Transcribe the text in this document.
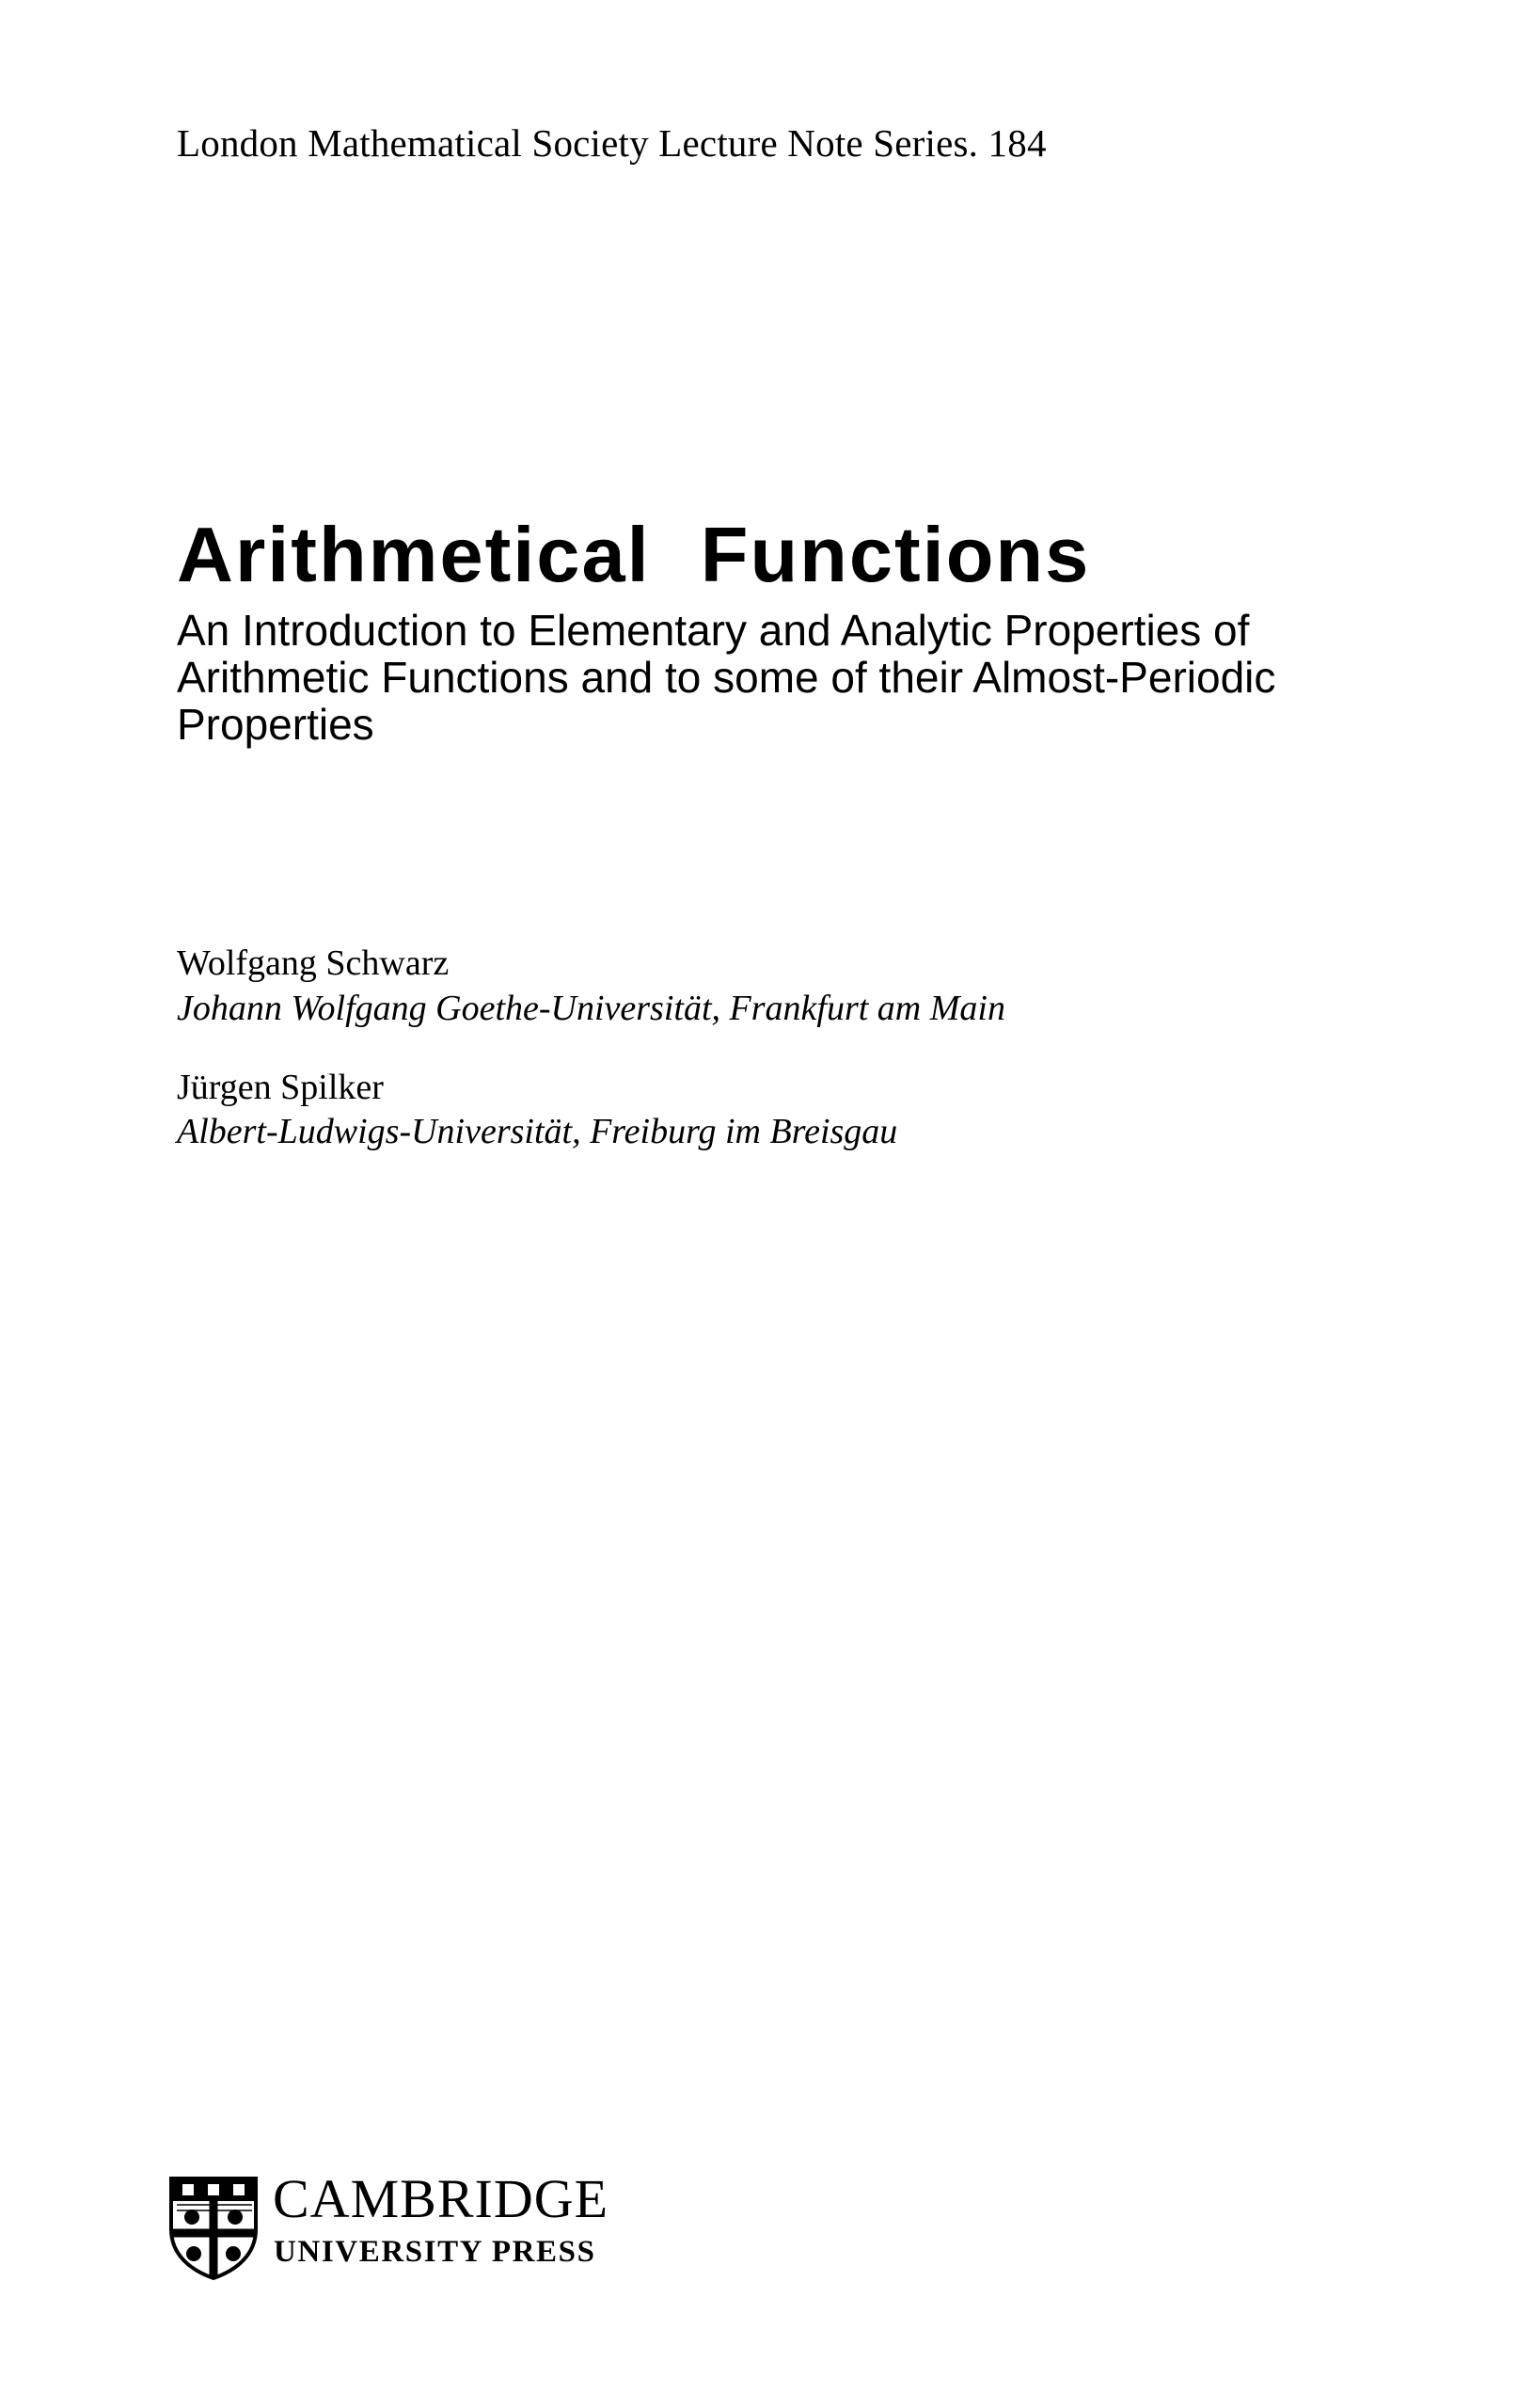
London Mathematical Society Lecture Note Series. 184
Arithmetical Functions
An Introduction to Elementary and Analytic Properties of
Arithmetic Functions and to some of their Almost-Periodic
Properties
Wolfgang Schwarz
Johann Wolfgang Goethe-Universität, Frankfurt am Main
Jürgen Spilker
Albert-Ludwigs-Universität, Freiburg im Breisgau
CAMBRIDGE
UNIVERSITY PRESS
